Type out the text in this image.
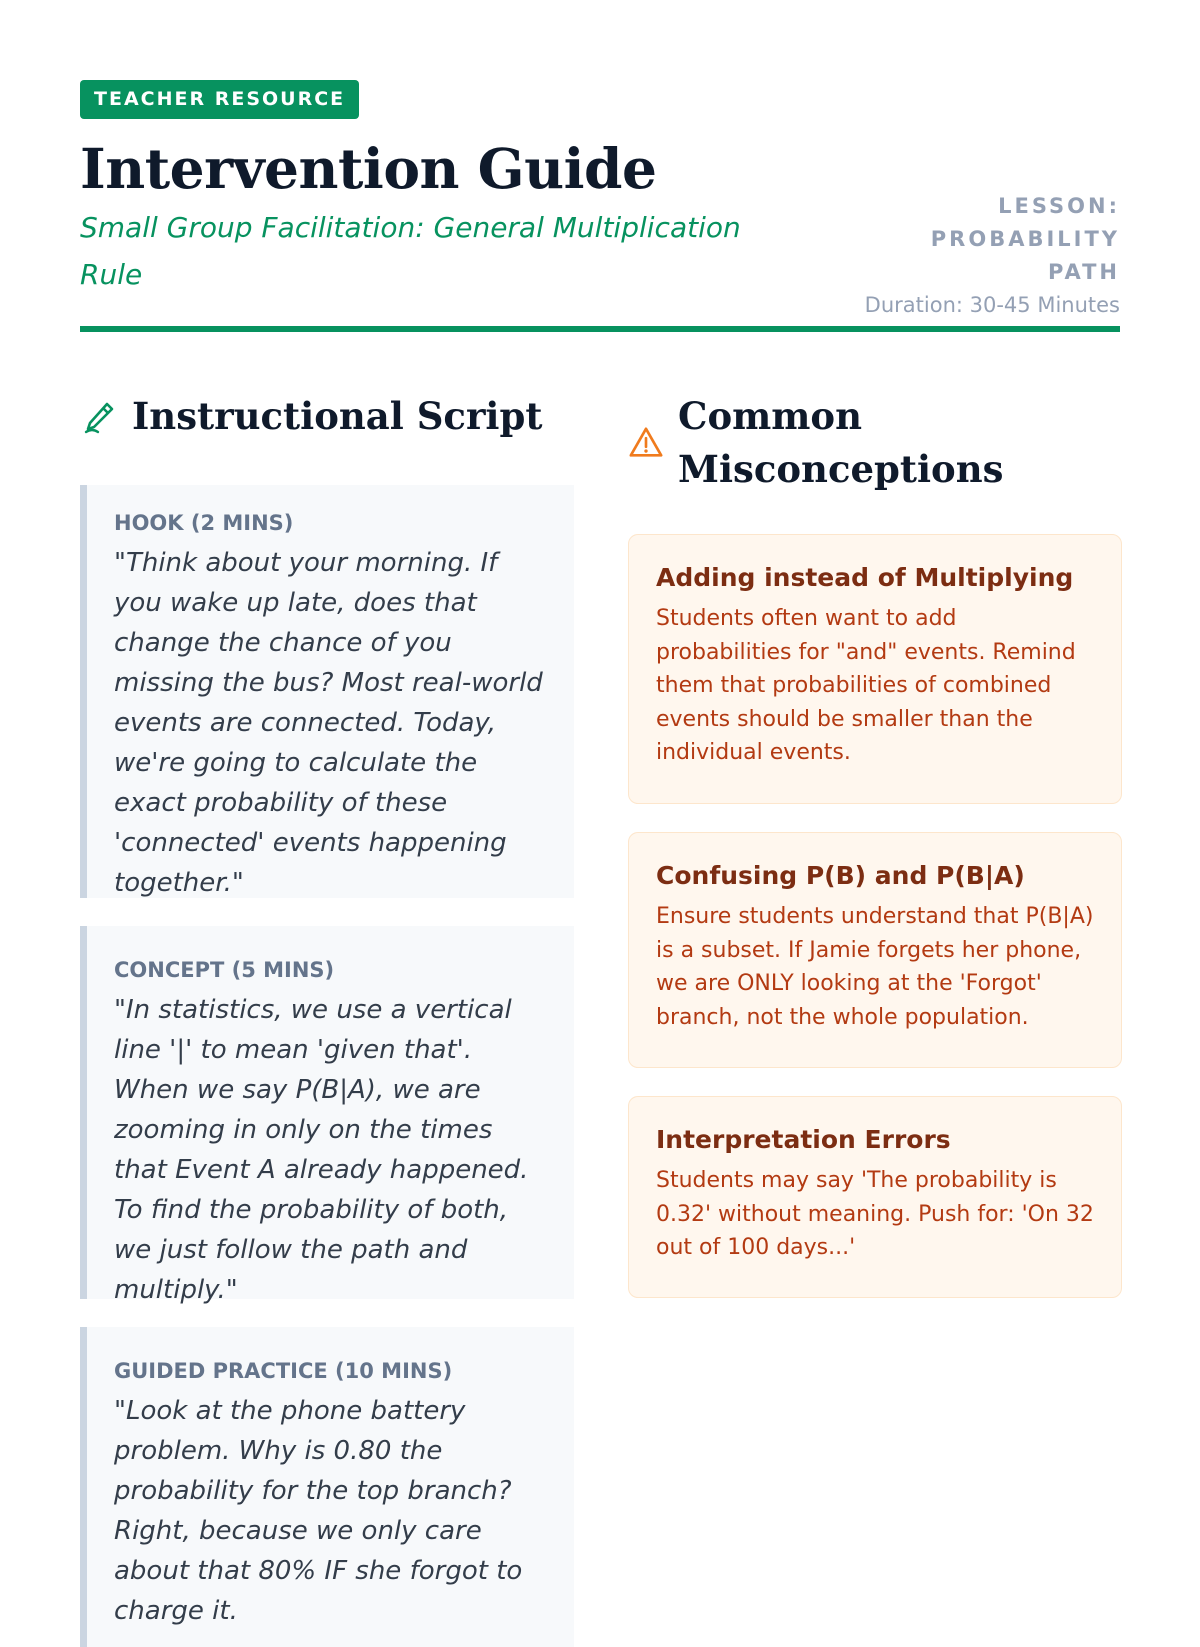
TEACHER RESOURCE
Intervention Guide

Small Group Facilitation: General Multiplication Rule

LESSON: PROBABILITY
PATH
Duration: 30-45 Minutes
Instructional Script

HOOK (2 MINS)

"Think about your morning. If you wake up late, does that change the chance of you missing the bus? Most real-world events are connected. Today, we're going to calculate the exact probability of these 'connected' events happening together."

CONCEPT (5 MINS)

"In statistics, we use a vertical line '|' to mean 'given that'. When we say P(B|A), we are zooming in only on the times that Event A already happened. To find the probability of both, we just follow the path and multiply."

GUIDED PRACTICE (10 MINS)

"Look at the phone battery problem. Why is 0.80 the probability for the top branch? Right, because we only care about that 80% IF she forgot to charge it.

Common Misconceptions

Adding instead of Multiplying

Students often want to add probabilities for "and" events. Remind them that probabilities of combined events should be smaller than the individual events.

Confusing P(B) and P(B|A)

Ensure students understand that P(B|A) is a subset. If Jamie forgets her phone, we are ONLY looking at the 'Forgot' branch, not the whole population.

Interpretation Errors

Students may say 'The probability is 0.32' without meaning. Push for: 'On 32 out of 100 days...'
